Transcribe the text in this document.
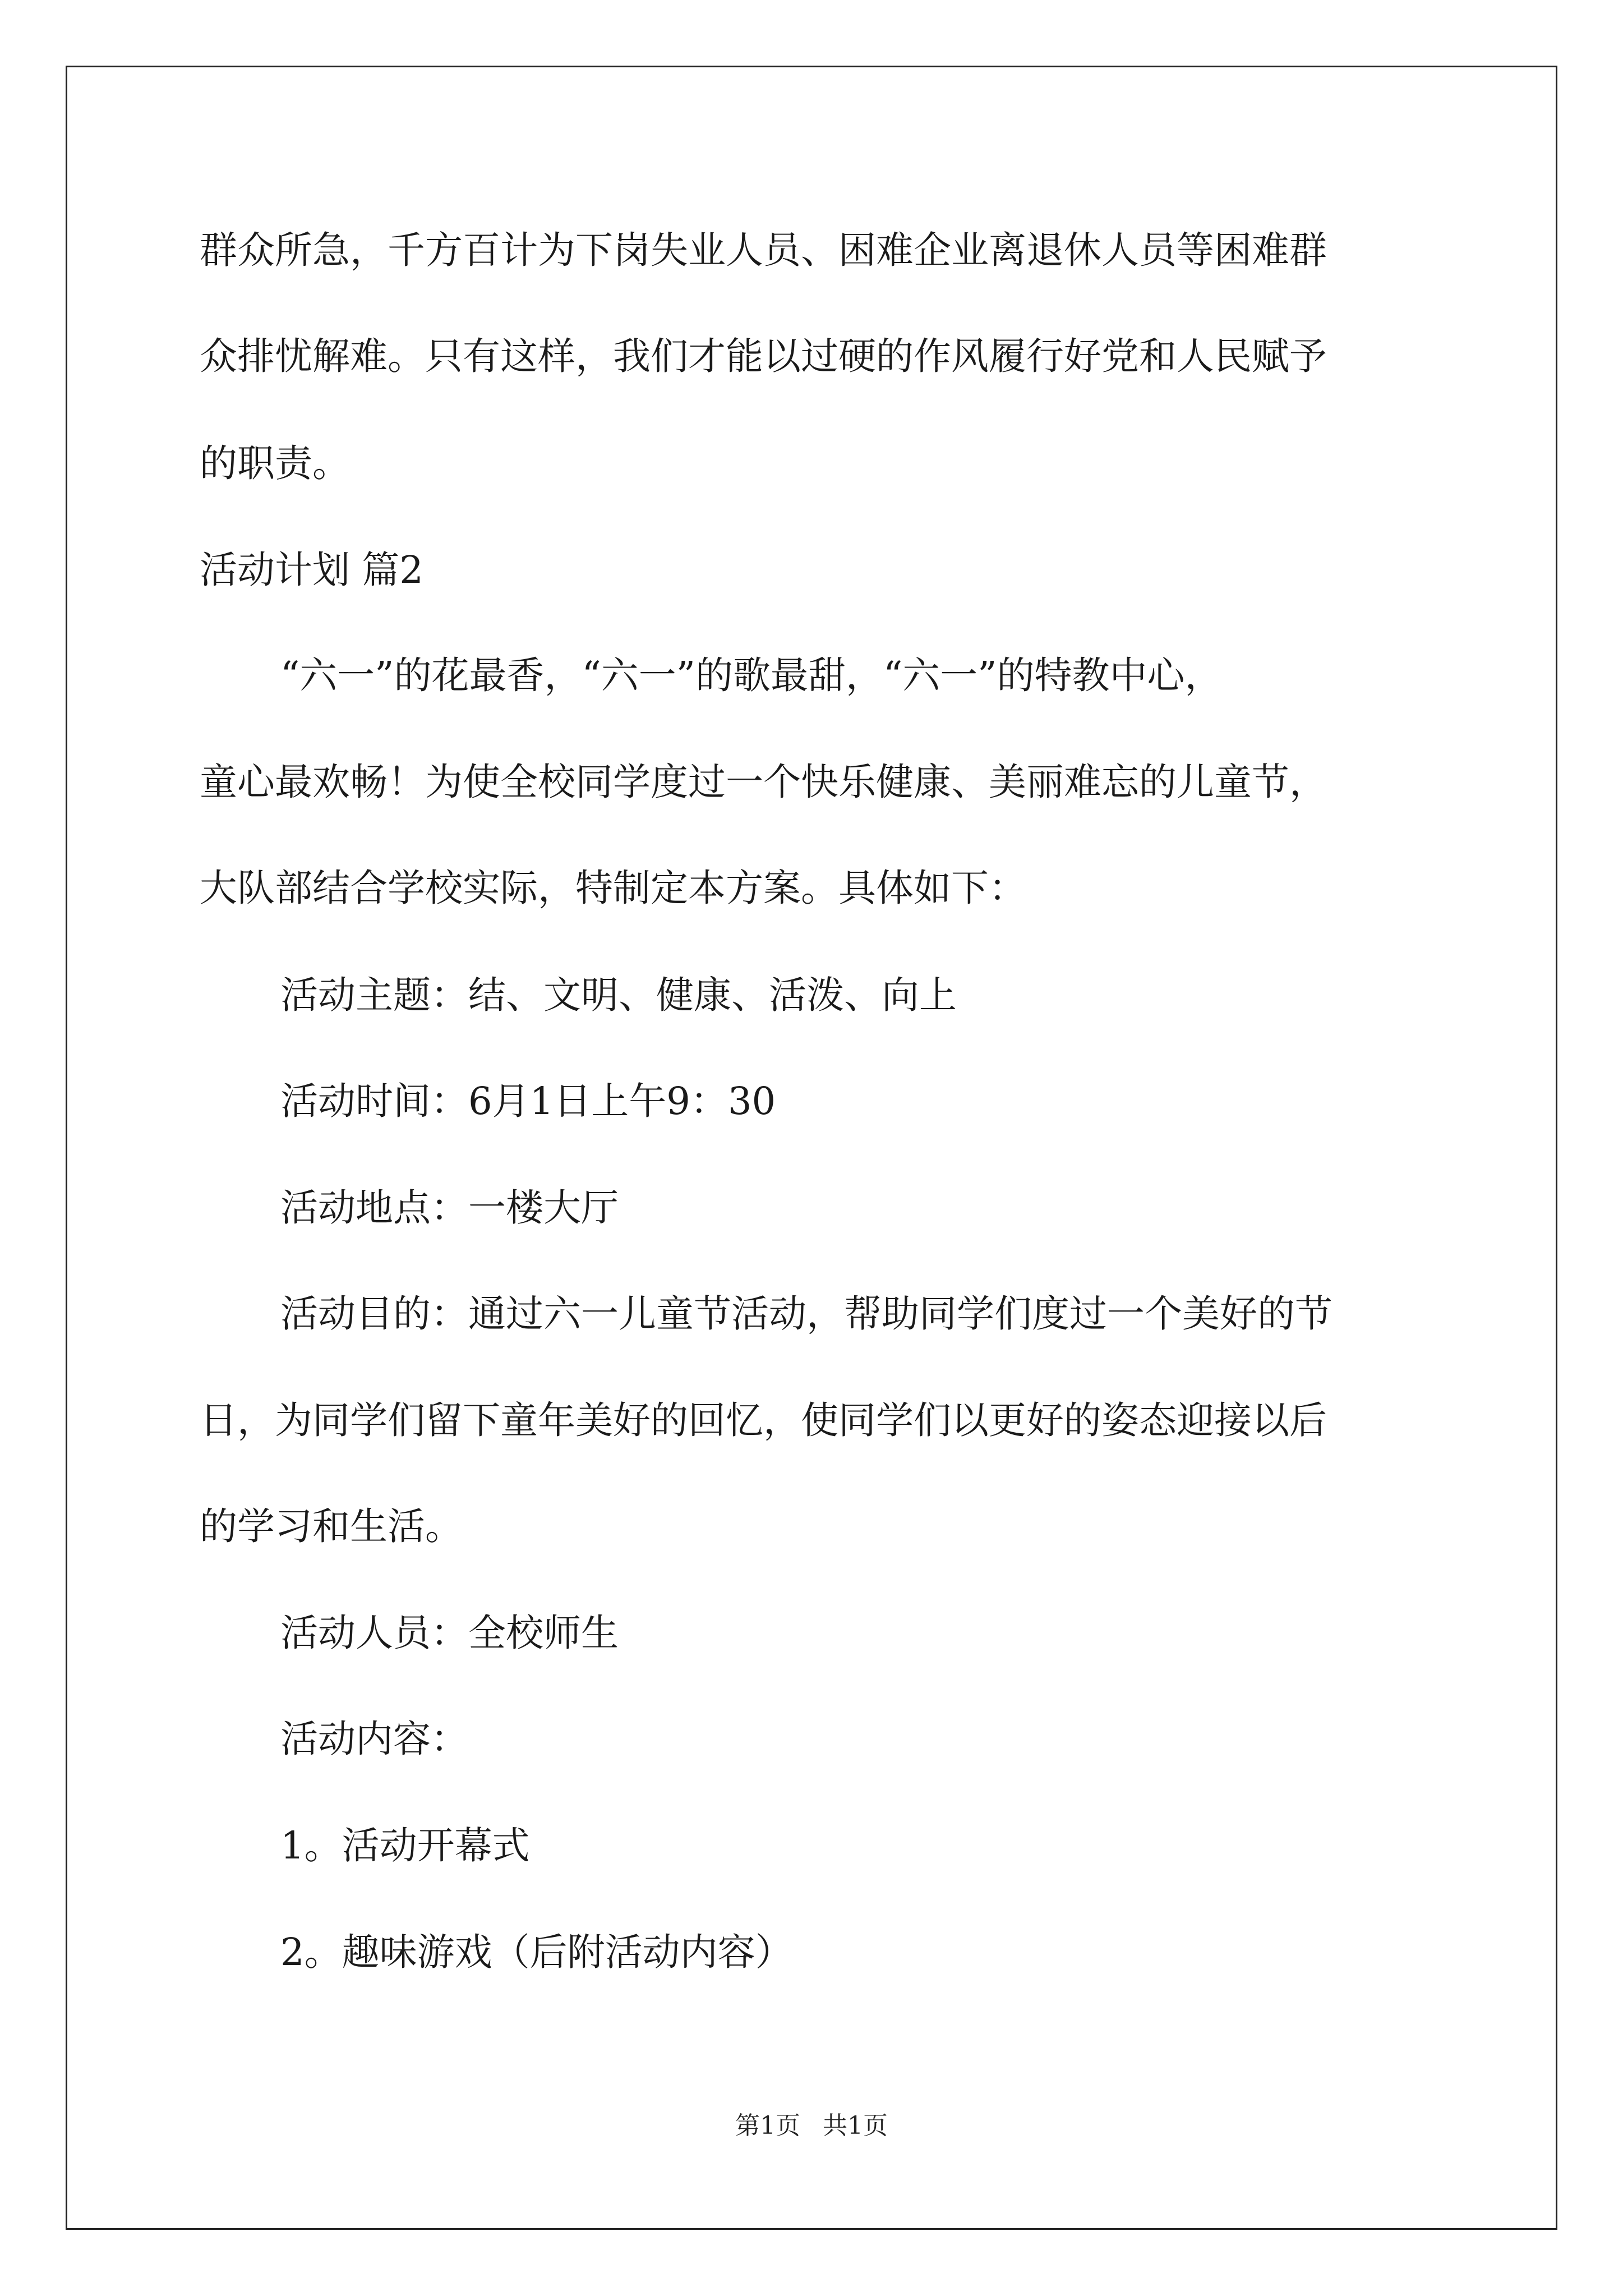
群众所急，千方百计为下岗失业人员、困难企业离退休人员等困难群
众排忧解难。只有这样，我们才能以过硬的作风履行好党和人民赋予
的职责。
活动计划 篇2
“六一”的花最香，“六一”的歌最甜，“六一”的特教中心，
童心最欢畅！为使全校同学度过一个快乐健康、美丽难忘的儿童节，
大队部结合学校实际，特制定本方案。具体如下：
活动主题：结、文明、健康、活泼、向上
活动时间：6月1日上午9：30
活动地点：一楼大厅
活动目的：通过六一儿童节活动，帮助同学们度过一个美好的节
日，为同学们留下童年美好的回忆，使同学们以更好的姿态迎接以后
的学习和生活。
活动人员：全校师生
活动内容：
1。活动开幕式
2。趣味游戏（后附活动内容）
第1页 共1页
